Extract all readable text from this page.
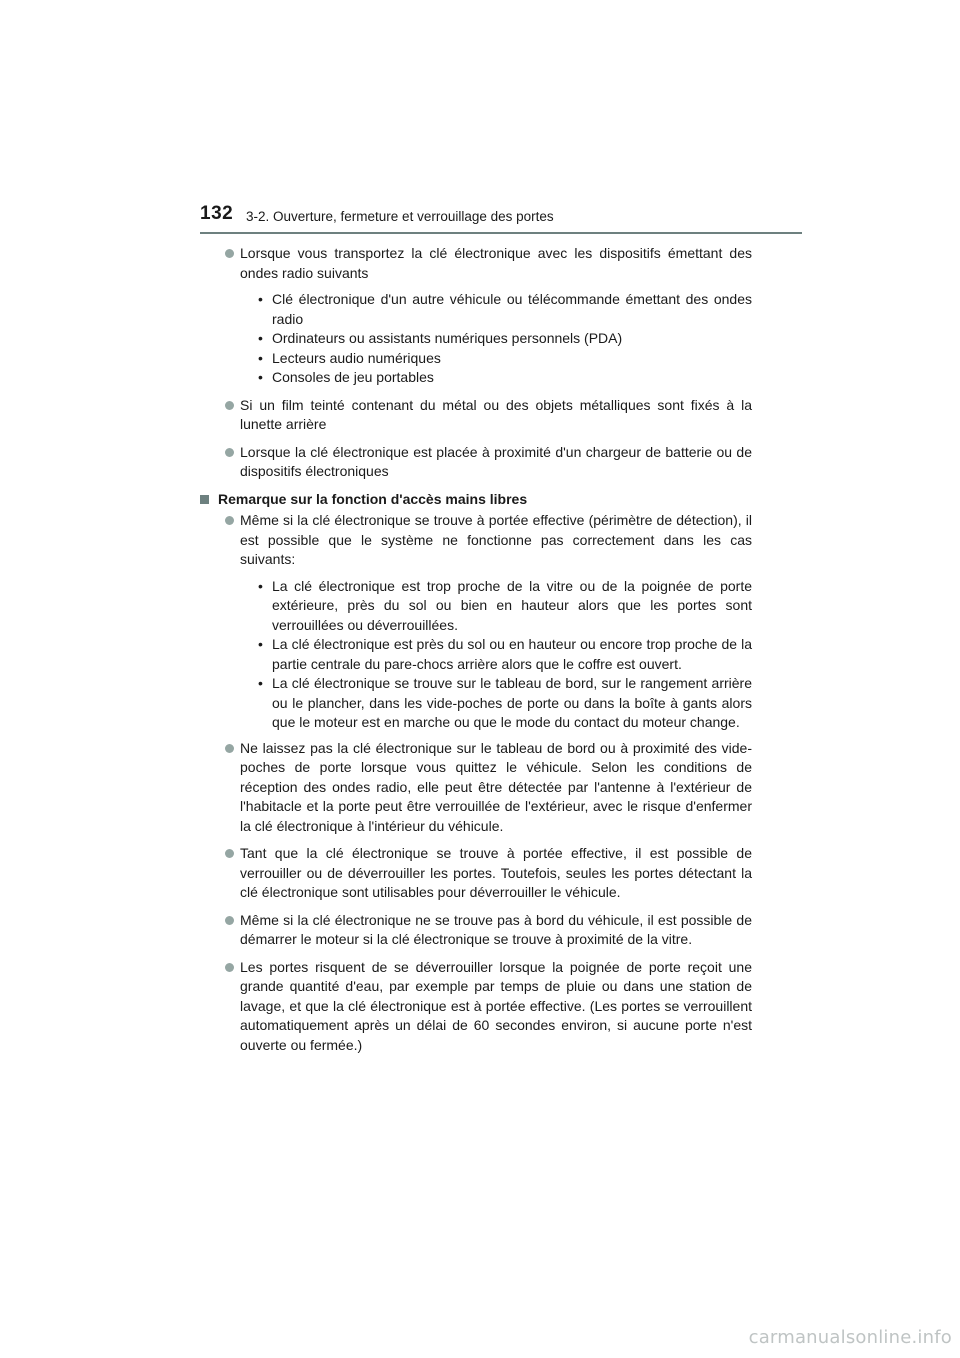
132 3-2. Ouverture, fermeture et verrouillage des portes
Lorsque vous transportez la clé électronique avec les dispositifs émettant des ondes radio suivants
• Clé électronique d'un autre véhicule ou télécommande émettant des ondes radio
• Ordinateurs ou assistants numériques personnels (PDA)
• Lecteurs audio numériques
• Consoles de jeu portables
Si un film teinté contenant du métal ou des objets métalliques sont fixés à la lunette arrière
Lorsque la clé électronique est placée à proximité d'un chargeur de batterie ou de dispositifs électroniques
Remarque sur la fonction d'accès mains libres
Même si la clé électronique se trouve à portée effective (périmètre de détection), il est possible que le système ne fonctionne pas correctement dans les cas suivants:
• La clé électronique est trop proche de la vitre ou de la poignée de porte extérieure, près du sol ou bien en hauteur alors que les portes sont verrouillées ou déverrouillées.
• La clé électronique est près du sol ou en hauteur ou encore trop proche de la partie centrale du pare-chocs arrière alors que le coffre est ouvert.
• La clé électronique se trouve sur le tableau de bord, sur le rangement arrière ou le plancher, dans les vide-poches de porte ou dans la boîte à gants alors que le moteur est en marche ou que le mode du contact du moteur change.
Ne laissez pas la clé électronique sur le tableau de bord ou à proximité des vide-poches de porte lorsque vous quittez le véhicule. Selon les conditions de réception des ondes radio, elle peut être détectée par l'antenne à l'extérieur de l'habitacle et la porte peut être verrouillée de l'extérieur, avec le risque d'enfermer la clé électronique à l'intérieur du véhicule.
Tant que la clé électronique se trouve à portée effective, il est possible de verrouiller ou de déverrouiller les portes. Toutefois, seules les portes détectant la clé électronique sont utilisables pour déverrouiller le véhicule.
Même si la clé électronique ne se trouve pas à bord du véhicule, il est possible de démarrer le moteur si la clé électronique se trouve à proximité de la vitre.
Les portes risquent de se déverrouiller lorsque la poignée de porte reçoit une grande quantité d'eau, par exemple par temps de pluie ou dans une station de lavage, et que la clé électronique est à portée effective. (Les portes se verrouillent automatiquement après un délai de 60 secondes environ, si aucune porte n'est ouverte ou fermée.)
carmanualsonline.info
